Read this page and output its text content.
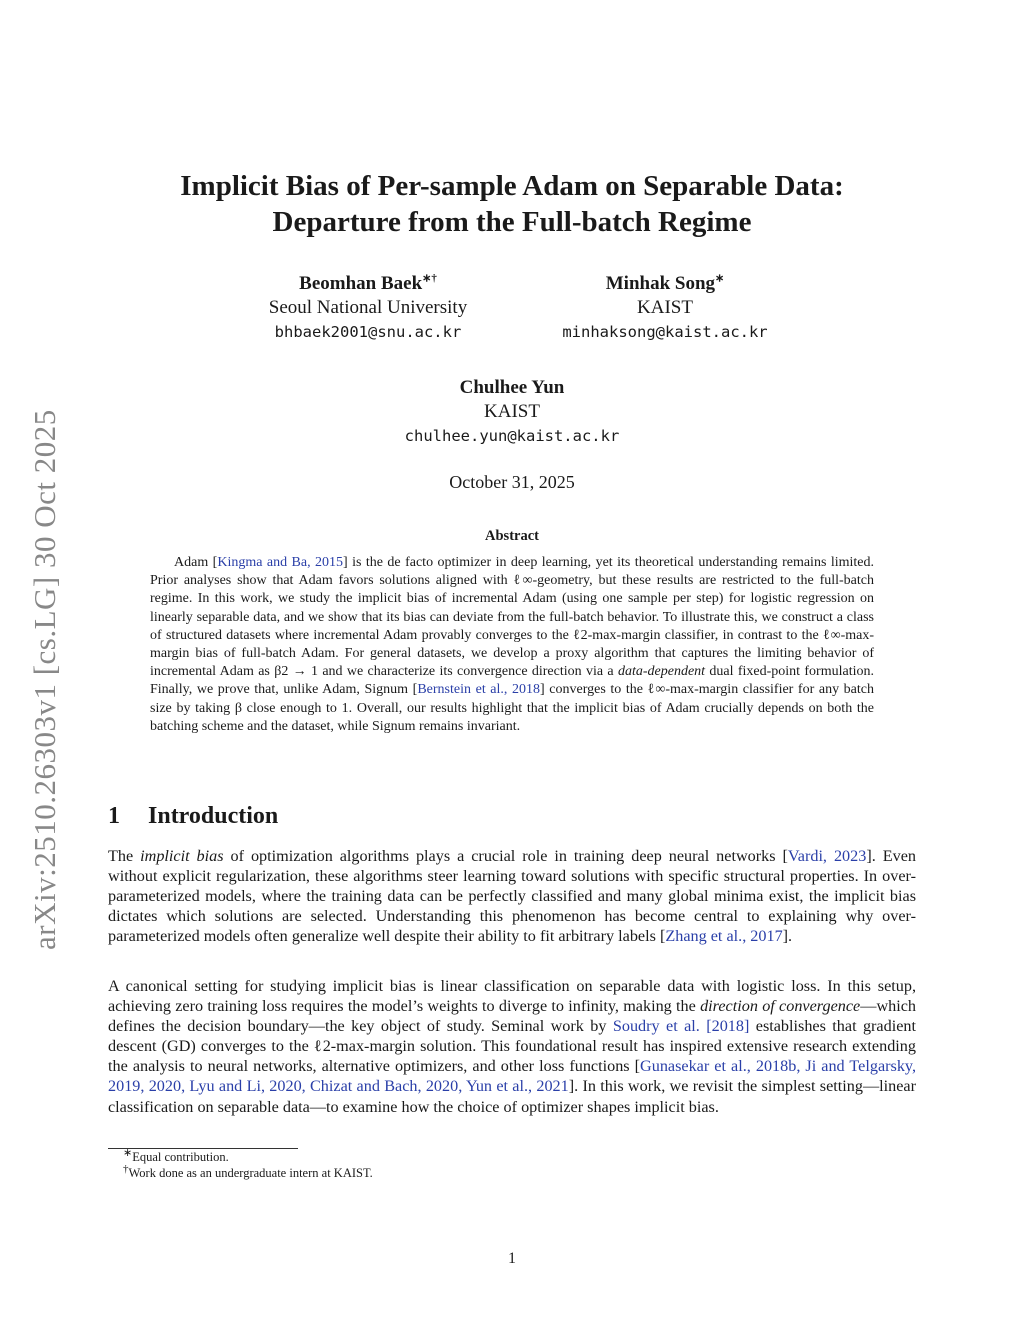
arXiv:2510.26303v1 [cs.LG] 30 Oct 2025
Implicit Bias of Per-sample Adam on Separable Data:
Departure from the Full-batch Regime
Beomhan Baek∗†
Seoul National University
bhbaek2001@snu.ac.kr
Minhak Song∗
KAIST
minhaksong@kaist.ac.kr
Chulhee Yun
KAIST
chulhee.yun@kaist.ac.kr
October 31, 2025
Abstract
Adam [Kingma and Ba, 2015] is the de facto optimizer in deep learning, yet its theoretical understanding remains limited. Prior analyses show that Adam favors solutions aligned with ℓ∞-geometry, but these results are restricted to the full-batch regime. In this work, we study the implicit bias of incremental Adam (using one sample per step) for logistic regression on linearly separable data, and we show that its bias can deviate from the full-batch behavior. To illustrate this, we construct a class of structured datasets where incremental Adam provably converges to the ℓ2-max-margin classifier, in contrast to the ℓ∞-max-margin bias of full-batch Adam. For general datasets, we develop a proxy algorithm that captures the limiting behavior of incremental Adam as β2 → 1 and we characterize its convergence direction via a data-dependent dual fixed-point formulation. Finally, we prove that, unlike Adam, Signum [Bernstein et al., 2018] converges to the ℓ∞-max-margin classifier for any batch size by taking β close enough to 1. Overall, our results highlight that the implicit bias of Adam crucially depends on both the batching scheme and the dataset, while Signum remains invariant.
1 Introduction
The implicit bias of optimization algorithms plays a crucial role in training deep neural networks [Vardi, 2023]. Even without explicit regularization, these algorithms steer learning toward solutions with specific structural properties. In over-parameterized models, where the training data can be perfectly classified and many global minima exist, the implicit bias dictates which solutions are selected. Understanding this phenomenon has become central to explaining why over-parameterized models often generalize well despite their ability to fit arbitrary labels [Zhang et al., 2017].
A canonical setting for studying implicit bias is linear classification on separable data with logistic loss. In this setup, achieving zero training loss requires the model’s weights to diverge to infinity, making the direction of convergence—which defines the decision boundary—the key object of study. Seminal work by Soudry et al. [2018] establishes that gradient descent (GD) converges to the ℓ2-max-margin solution. This foundational result has inspired extensive research extending the analysis to neural networks, alternative optimizers, and other loss functions [Gunasekar et al., 2018b, Ji and Telgarsky, 2019, 2020, Lyu and Li, 2020, Chizat and Bach, 2020, Yun et al., 2021]. In this work, we revisit the simplest setting—linear classification on separable data—to examine how the choice of optimizer shapes implicit bias.
∗Equal contribution.
†Work done as an undergraduate intern at KAIST.
1
